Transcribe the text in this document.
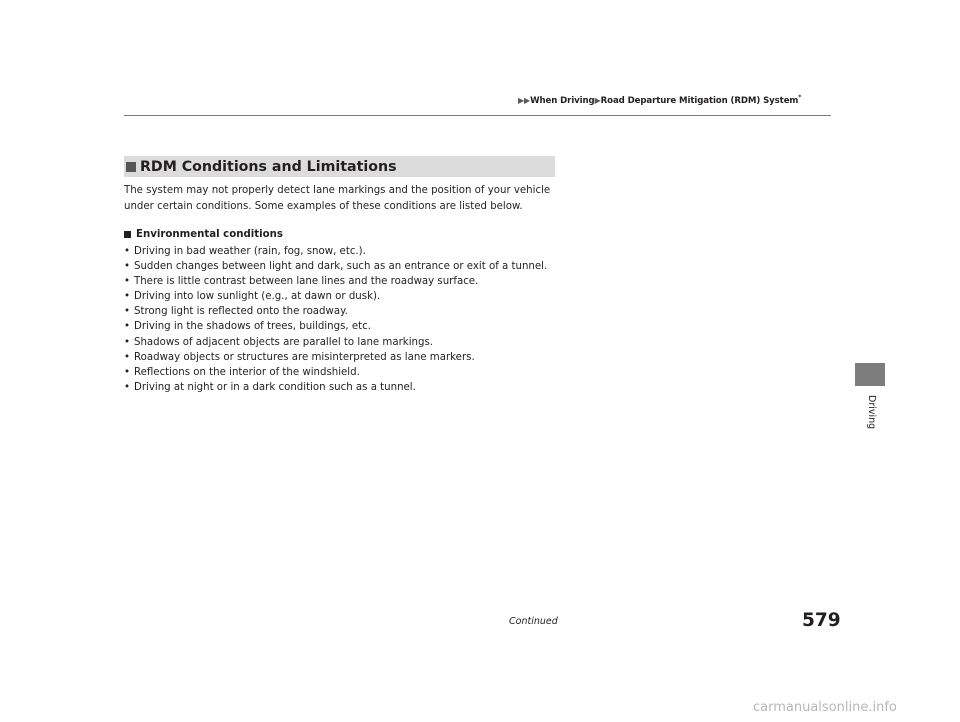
▶▶When Driving▶Road Departure Mitigation (RDM) System*
RDM Conditions and Limitations
The system may not properly detect lane markings and the position of your vehicle under certain conditions. Some examples of these conditions are listed below.
Environmental conditions
• Driving in bad weather (rain, fog, snow, etc.).
• Sudden changes between light and dark, such as an entrance or exit of a tunnel.
• There is little contrast between lane lines and the roadway surface.
• Driving into low sunlight (e.g., at dawn or dusk).
• Strong light is reflected onto the roadway.
• Driving in the shadows of trees, buildings, etc.
• Shadows of adjacent objects are parallel to lane markings.
• Roadway objects or structures are misinterpreted as lane markers.
• Reflections on the interior of the windshield.
• Driving at night or in a dark condition such as a tunnel.
Driving
Continued	579
carmanualsonline.info
